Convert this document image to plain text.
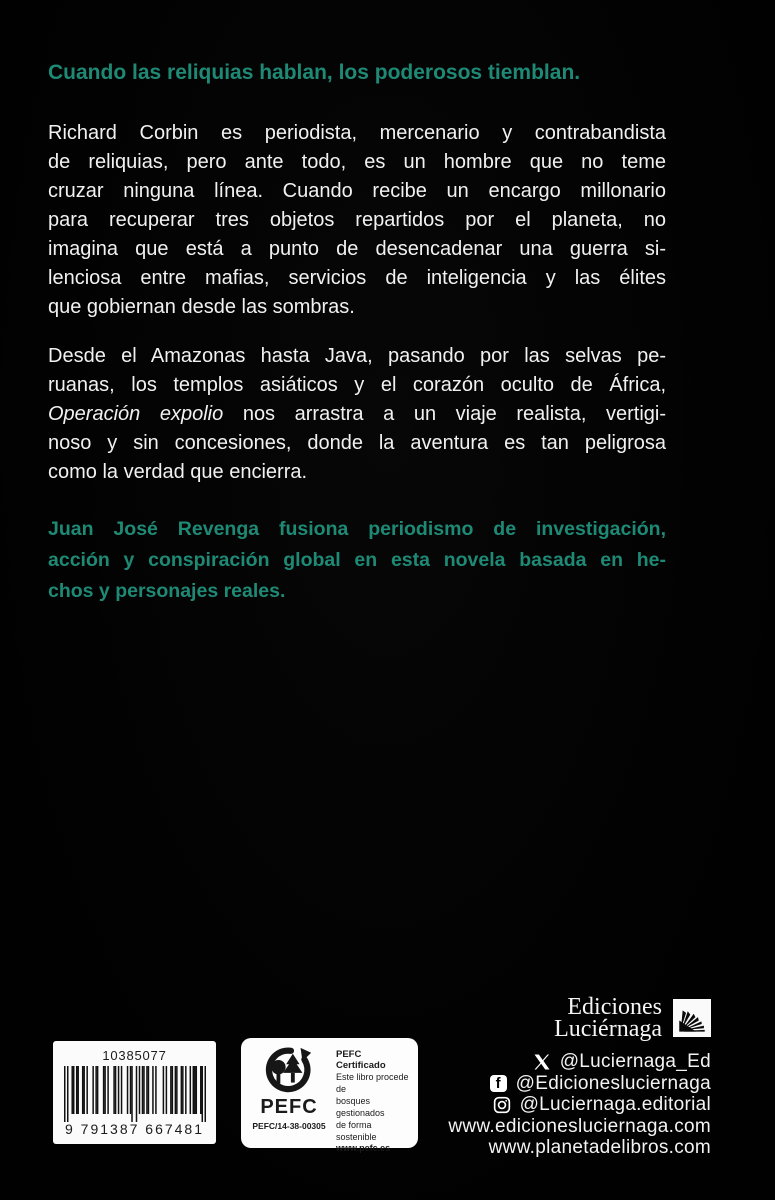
Cuando las reliquias hablan, los poderosos tiemblan.
Richard Corbin es periodista, mercenario y contrabandista
de reliquias, pero ante todo, es un hombre que no teme
cruzar ninguna línea. Cuando recibe un encargo millonario
para recuperar tres objetos repartidos por el planeta, no
imagina que está a punto de desencadenar una guerra si-
lenciosa entre mafias, servicios de inteligencia y las élites
que gobiernan desde las sombras.
Desde el Amazonas hasta Java, pasando por las selvas pe-
ruanas, los templos asiáticos y el corazón oculto de África,
Operación expolio nos arrastra a un viaje realista, vertigi-
noso y sin concesiones, donde la aventura es tan peligrosa
como la verdad que encierra.
Juan José Revenga fusiona periodismo de investigación,
acción y conspiración global en esta novela basada en he-
chos y personajes reales.
10385077
9 791387 667481
PEFC
PEFC/14-38-00305
PEFC Certificado
Este libro procede de
bosques gestionados
de forma sostenible
www.pefc.es
Ediciones
Luciérnaga
@Luciernaga_Ed
f @Edicionesluciernaga
@Luciernaga.editorial
www.edicionesluciernaga.com
www.planetadelibros.com
